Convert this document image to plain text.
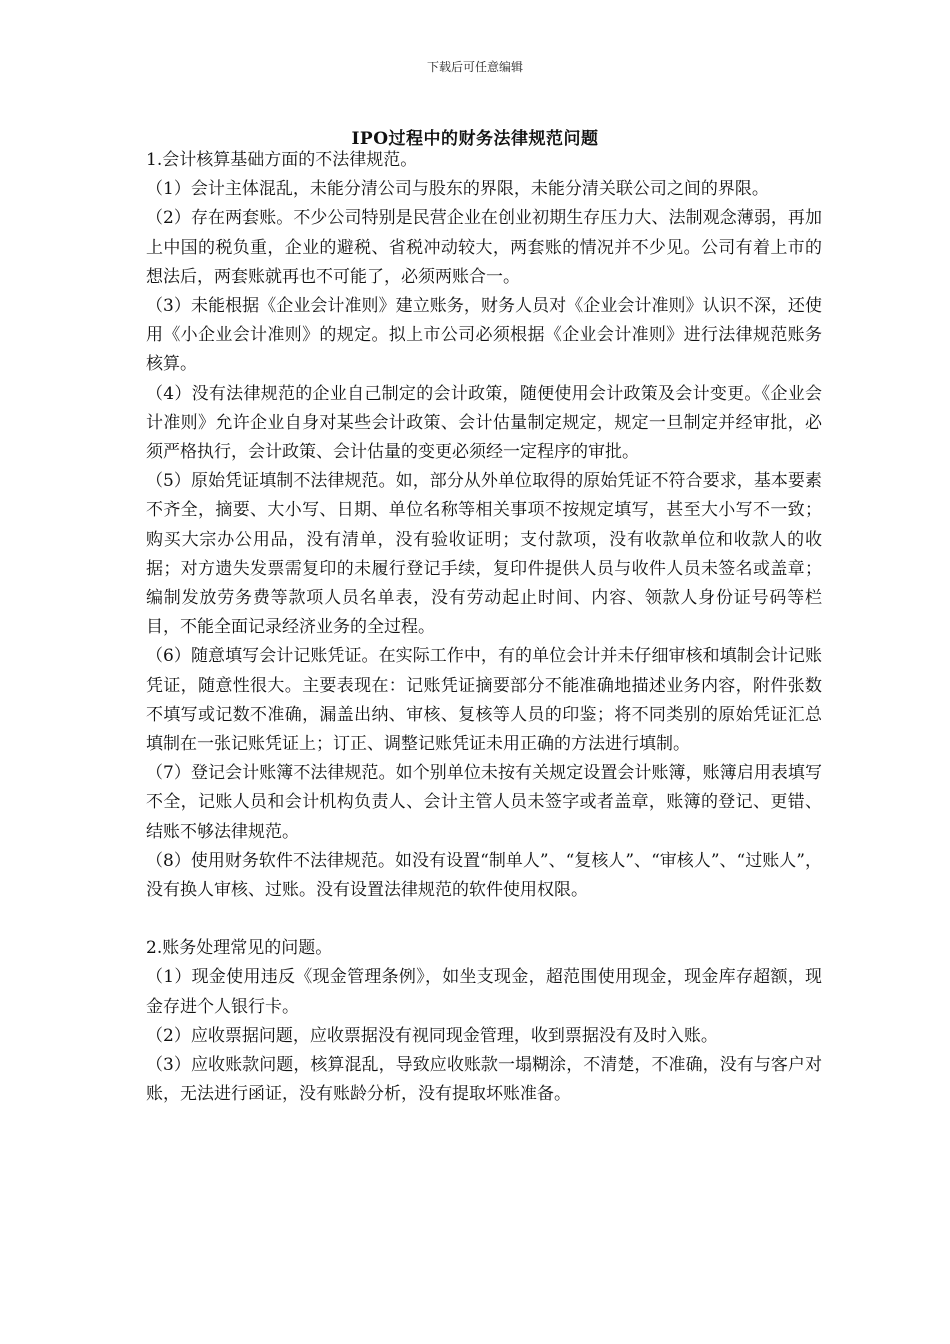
下载后可任意编辑
IPO过程中的财务法律规范问题

1.会计核算基础方面的不法律规范。

（1）会计主体混乱，未能分清公司与股东的界限，未能分清关联公司之间的界限。

（2）存在两套账。不少公司特别是民营企业在创业初期生存压力大、法制观念薄弱，再加上中国的税负重，企业的避税、省税冲动较大，两套账的情况并不少见。公司有着上市的想法后，两套账就再也不可能了，必须两账合一。

（3）未能根据《企业会计准则》建立账务，财务人员对《企业会计准则》认识不深，还使用《小企业会计准则》的规定。拟上市公司必须根据《企业会计准则》进行法律规范账务核算。

（4）没有法律规范的企业自己制定的会计政策，随便使用会计政策及会计变更。《企业会计准则》允许企业自身对某些会计政策、会计估量制定规定，规定一旦制定并经审批，必须严格执行，会计政策、会计估量的变更必须经一定程序的审批。

（5）原始凭证填制不法律规范。如，部分从外单位取得的原始凭证不符合要求，基本要素不齐全，摘要、大小写、日期、单位名称等相关事项不按规定填写，甚至大小写不一致；购买大宗办公用品，没有清单，没有验收证明；支付款项，没有收款单位和收款人的收据；对方遗失发票需复印的未履行登记手续，复印件提供人员与收件人员未签名或盖章；编制发放劳务费等款项人员名单表，没有劳动起止时间、内容、领款人身份证号码等栏目，不能全面记录经济业务的全过程。

（6）随意填写会计记账凭证。在实际工作中，有的单位会计并未仔细审核和填制会计记账凭证，随意性很大。主要表现在：记账凭证摘要部分不能准确地描述业务内容，附件张数不填写或记数不准确，漏盖出纳、审核、复核等人员的印鉴；将不同类别的原始凭证汇总填制在一张记账凭证上；订正、调整记账凭证未用正确的方法进行填制。

（7）登记会计账簿不法律规范。如个别单位未按有关规定设置会计账簿，账簿启用表填写不全，记账人员和会计机构负责人、会计主管人员未签字或者盖章，账簿的登记、更错、结账不够法律规范。

（8）使用财务软件不法律规范。如没有设置“制单人”、“复核人”、“审核人”、“过账人”，没有换人审核、过账。没有设置法律规范的软件使用权限。

2.账务处理常见的问题。

（1）现金使用违反《现金管理条例》，如坐支现金，超范围使用现金，现金库存超额，现金存进个人银行卡。

（2）应收票据问题，应收票据没有视同现金管理，收到票据没有及时入账。

（3）应收账款问题，核算混乱，导致应收账款一塌糊涂，不清楚，不准确，没有与客户对账，无法进行函证，没有账龄分析，没有提取坏账准备。
